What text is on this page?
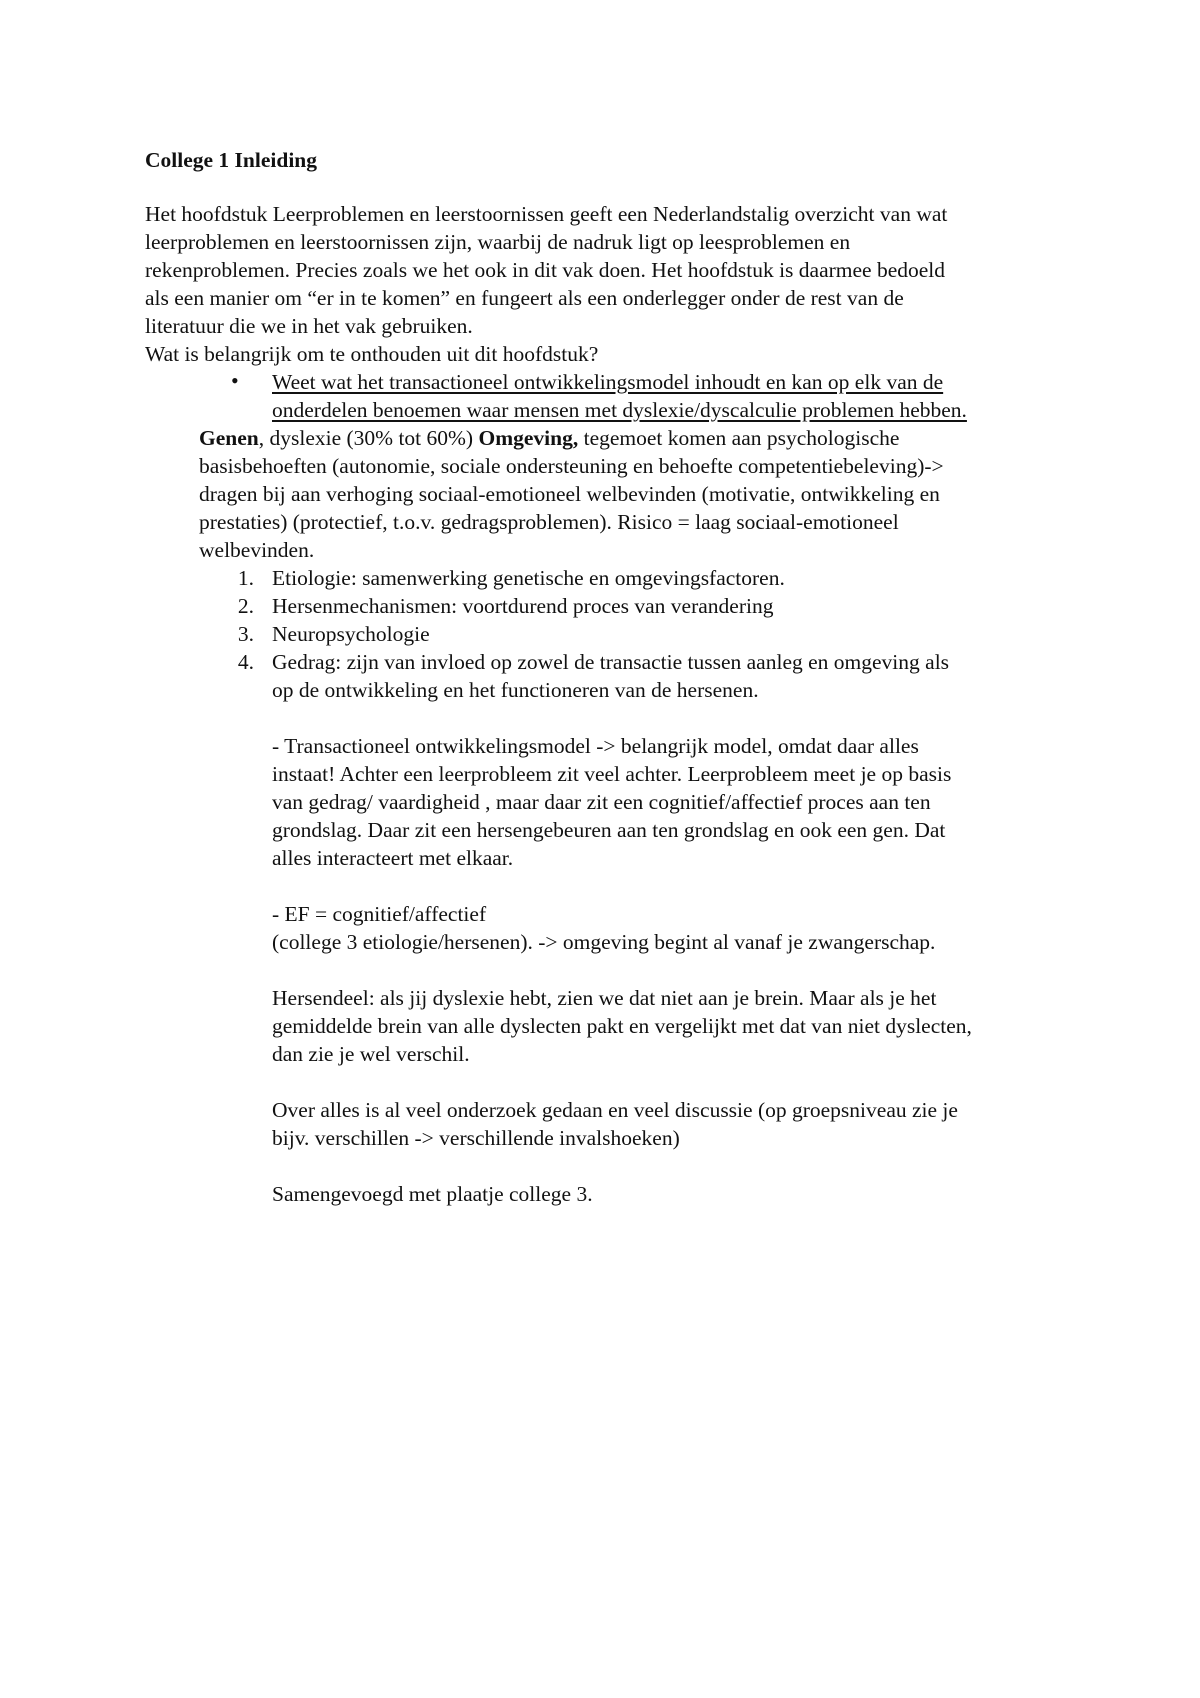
College 1 Inleiding
Het hoofdstuk Leerproblemen en leerstoornissen geeft een Nederlandstalig overzicht van wat
leerproblemen en leerstoornissen zijn, waarbij de nadruk ligt op leesproblemen en
rekenproblemen. Precies zoals we het ook in dit vak doen. Het hoofdstuk is daarmee bedoeld
als een manier om “er in te komen” en fungeert als een onderlegger onder de rest van de
literatuur die we in het vak gebruiken.
Wat is belangrijk om te onthouden uit dit hoofdstuk?
• Weet wat het transactioneel ontwikkelingsmodel inhoudt en kan op elk van de
onderdelen benoemen waar mensen met dyslexie/dyscalculie problemen hebben.
Genen, dyslexie (30% tot 60%) Omgeving, tegemoet komen aan psychologische
basisbehoeften (autonomie, sociale ondersteuning en behoefte competentiebeleving)->
dragen bij aan verhoging sociaal-emotioneel welbevinden (motivatie, ontwikkeling en
prestaties) (protectief, t.o.v. gedragsproblemen). Risico = laag sociaal-emotioneel
welbevinden.
1. Etiologie: samenwerking genetische en omgevingsfactoren.
2. Hersenmechanismen: voortdurend proces van verandering
3. Neuropsychologie
4. Gedrag: zijn van invloed op zowel de transactie tussen aanleg en omgeving als
op de ontwikkeling en het functioneren van de hersenen.
- Transactioneel ontwikkelingsmodel -> belangrijk model, omdat daar alles
instaat! Achter een leerprobleem zit veel achter. Leerprobleem meet je op basis
van gedrag/ vaardigheid , maar daar zit een cognitief/affectief proces aan ten
grondslag. Daar zit een hersengebeuren aan ten grondslag en ook een gen. Dat
alles interacteert met elkaar.
- EF = cognitief/affectief
(college 3 etiologie/hersenen). -> omgeving begint al vanaf je zwangerschap.
Hersendeel: als jij dyslexie hebt, zien we dat niet aan je brein. Maar als je het
gemiddelde brein van alle dyslecten pakt en vergelijkt met dat van niet dyslecten,
dan zie je wel verschil.
Over alles is al veel onderzoek gedaan en veel discussie (op groepsniveau zie je
bijv. verschillen -> verschillende invalshoeken)
Samengevoegd met plaatje college 3.
